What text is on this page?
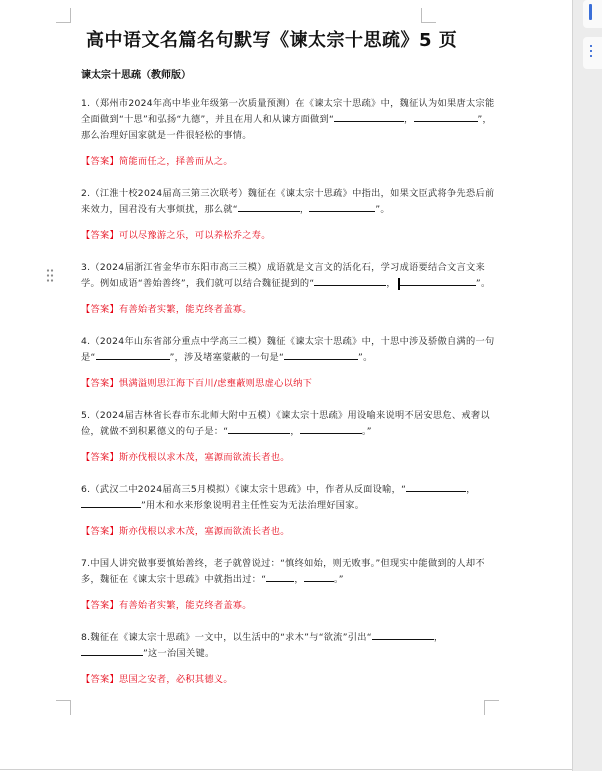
高中语文名篇名句默写《谏太宗十思疏》5 页
谏太宗十思疏（教师版）

1.（郑州市2024年高中毕业年级第一次质量预测）在《谏太宗十思疏》中，魏征认为如果唐太宗能全面做到“十思”和弘扬“九德”，并且在用人和从谏方面做到“	，	”，那么治理好国家就是一件很轻松的事情。

【答案】简能而任之，择善而从之。

2.（江淮十校2024届高三第三次联考）魏征在《谏太宗十思疏》中指出，如果文臣武将争先恐后前来效力，国君没有大事烦扰，那么就“	，	”。

【答案】可以尽豫游之乐，可以养松乔之寿。

3.（2024届浙江省金华市东阳市高三三模）成语就是文言文的活化石，学习成语要结合文言文来学。例如成语“善始善终”，我们就可以结合魏征提到的“	，	”。

【答案】有善始者实繁，能克终者盖寡。

4.（2024年山东省部分重点中学高三二模）魏征《谏太宗十思疏》中，十思中涉及骄傲自满的一句是“	”，涉及堵塞蒙蔽的一句是“	”。

【答案】惧满溢则思江海下百川/虑壅蔽则思虚心以纳下

5.（2024届吉林省长春市东北师大附中五模）《谏太宗十思疏》用设喻来说明不居安思危、戒奢以俭，就做不到积累德义的句子是：“	，	。”

【答案】斯亦伐根以求木茂，塞源而欲流长者也。

6.（武汉二中2024届高三5月模拟）《谏太宗十思疏》中，作者从反面设喻，“	，”用木和水来形象说明君主任性妄为无法治理好国家。

【答案】斯亦伐根以求木茂，塞源而欲流长者也。

7.中国人讲究做事要慎始善终，老子就曾说过：“慎终如始，则无败事。”但现实中能做到的人却不多，魏征在《谏太宗十思疏》中就指出过：“	，	。”

【答案】有善始者实繁，能克终者盖寡。

8.魏征在《谏太宗十思疏》一文中，以生活中的“求木”与“欲流”引出“	，”这一治国关键。

【答案】思国之安者，必积其德义。
